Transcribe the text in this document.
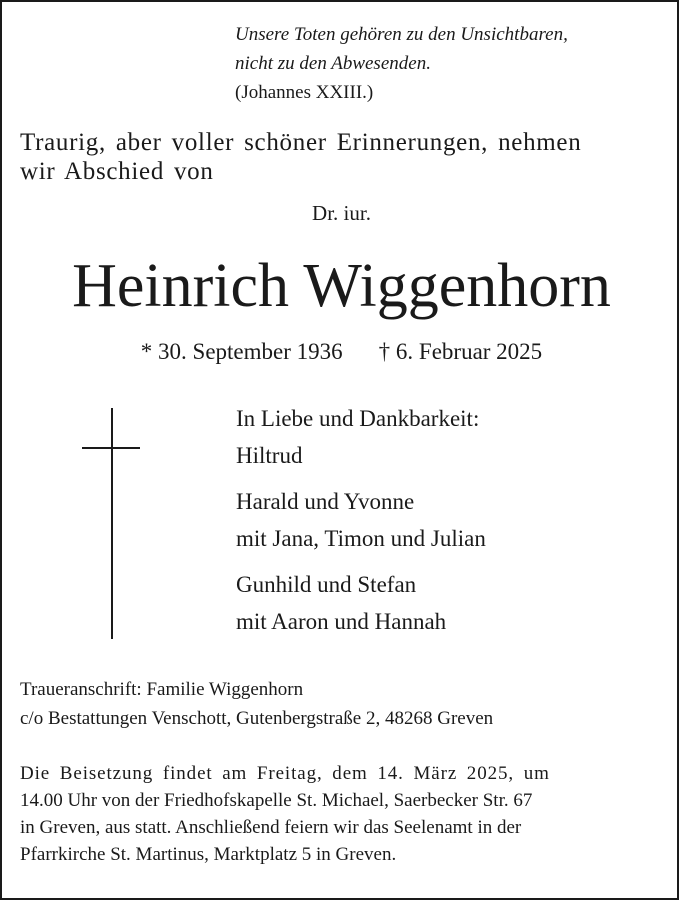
Unsere Toten gehören zu den Unsichtbaren,
nicht zu den Abwesenden.
(Johannes XXIII.)
Traurig, aber voller schöner Erinnerungen, nehmen
wir Abschied von
Dr. iur.
Heinrich Wiggenhorn
* 30. September 1936 † 6. Februar 2025
In Liebe und Dankbarkeit:
Hiltrud
Harald und Yvonne
mit Jana, Timon und Julian
Gunhild und Stefan
mit Aaron und Hannah
Traueranschrift: Familie Wiggenhorn
c/o Bestattungen Venschott, Gutenbergstraße 2, 48268 Greven
Die Beisetzung findet am Freitag, dem 14. März 2025, um
14.00 Uhr von der Friedhofskapelle St. Michael, Saerbecker Str. 67
in Greven, aus statt. Anschließend feiern wir das Seelenamt in der
Pfarrkirche St. Martinus, Marktplatz 5 in Greven.
